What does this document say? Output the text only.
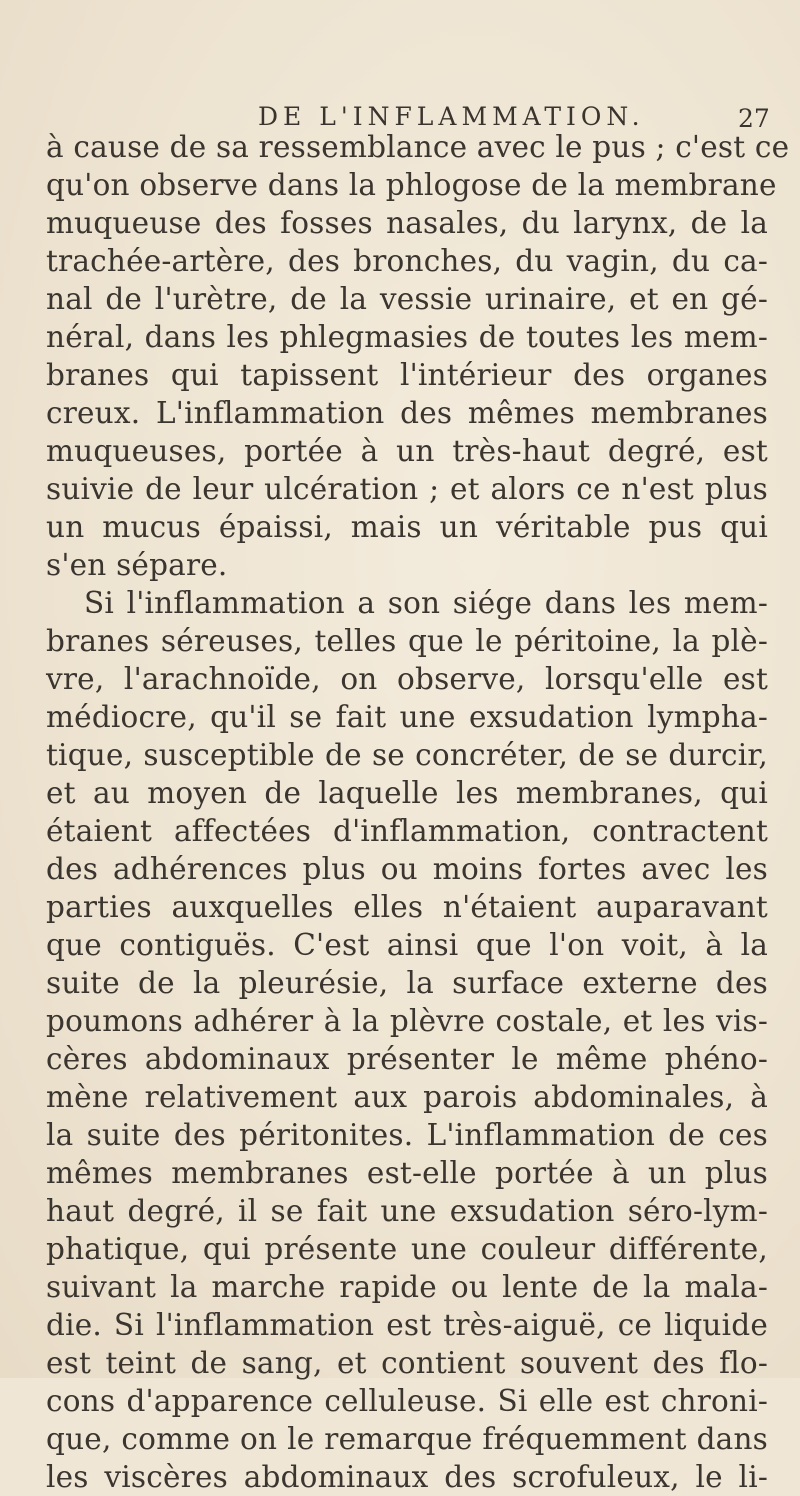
DE L'INFLAMMATION.	27
à cause de sa ressemblance avec le pus ; c'est ce
qu'on observe dans la phlogose de la membrane
muqueuse des fosses nasales, du larynx, de la
trachée-artère, des bronches, du vagin, du ca-
nal de l'urètre, de la vessie urinaire, et en gé-
néral, dans les phlegmasies de toutes les mem-
branes qui tapissent l'intérieur des organes
creux. L'inflammation des mêmes membranes
muqueuses, portée à un très-haut degré, est
suivie de leur ulcération ; et alors ce n'est plus
un mucus épaissi, mais un véritable pus qui
s'en sépare.
Si l'inflammation a son siége dans les mem-
branes séreuses, telles que le péritoine, la plè-
vre, l'arachnoïde, on observe, lorsqu'elle est
médiocre, qu'il se fait une exsudation lympha-
tique, susceptible de se concréter, de se durcir,
et au moyen de laquelle les membranes, qui
étaient affectées d'inflammation, contractent
des adhérences plus ou moins fortes avec les
parties auxquelles elles n'étaient auparavant
que contiguës. C'est ainsi que l'on voit, à la
suite de la pleurésie, la surface externe des
poumons adhérer à la plèvre costale, et les vis-
cères abdominaux présenter le même phéno-
mène relativement aux parois abdominales, à
la suite des péritonites. L'inflammation de ces
mêmes membranes est-elle portée à un plus
haut degré, il se fait une exsudation séro-lym-
phatique, qui présente une couleur différente,
suivant la marche rapide ou lente de la mala-
die. Si l'inflammation est très-aiguë, ce liquide
est teint de sang, et contient souvent des flo-
cons d'apparence celluleuse. Si elle est chroni-
que, comme on le remarque fréquemment dans
les viscères abdominaux des scrofuleux, le li-
